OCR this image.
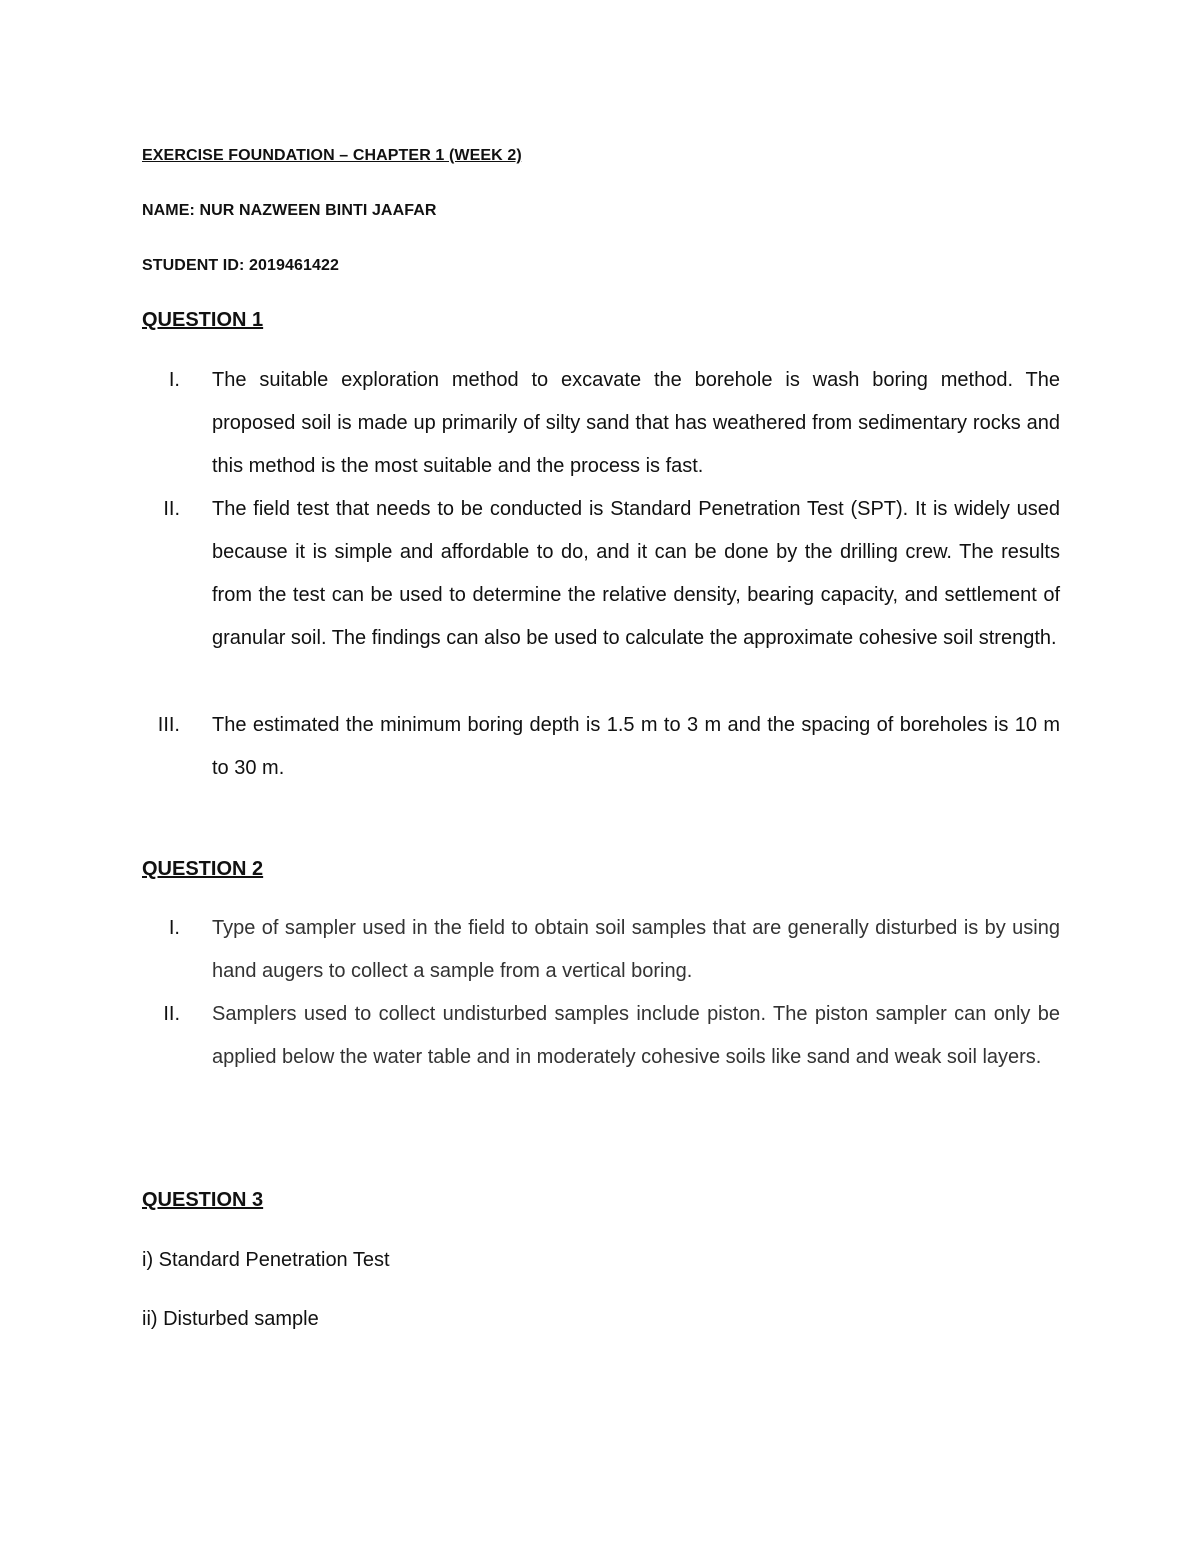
EXERCISE FOUNDATION – CHAPTER 1 (WEEK 2)
NAME: NUR NAZWEEN BINTI JAAFAR
STUDENT ID: 2019461422
QUESTION 1
I. The suitable exploration method to excavate the borehole is wash boring method. The proposed soil is made up primarily of silty sand that has weathered from sedimentary rocks and this method is the most suitable and the process is fast.
II. The field test that needs to be conducted is Standard Penetration Test (SPT). It is widely used because it is simple and affordable to do, and it can be done by the drilling crew. The results from the test can be used to determine the relative density, bearing capacity, and settlement of granular soil. The findings can also be used to calculate the approximate cohesive soil strength.
III. The estimated the minimum boring depth is 1.5 m to 3 m and the spacing of boreholes is 10 m to 30 m.
QUESTION 2
I. Type of sampler used in the field to obtain soil samples that are generally disturbed is by using hand augers to collect a sample from a vertical boring.
II. Samplers used to collect undisturbed samples include piston. The piston sampler can only be applied below the water table and in moderately cohesive soils like sand and weak soil layers.
QUESTION 3
i) Standard Penetration Test
ii) Disturbed sample
